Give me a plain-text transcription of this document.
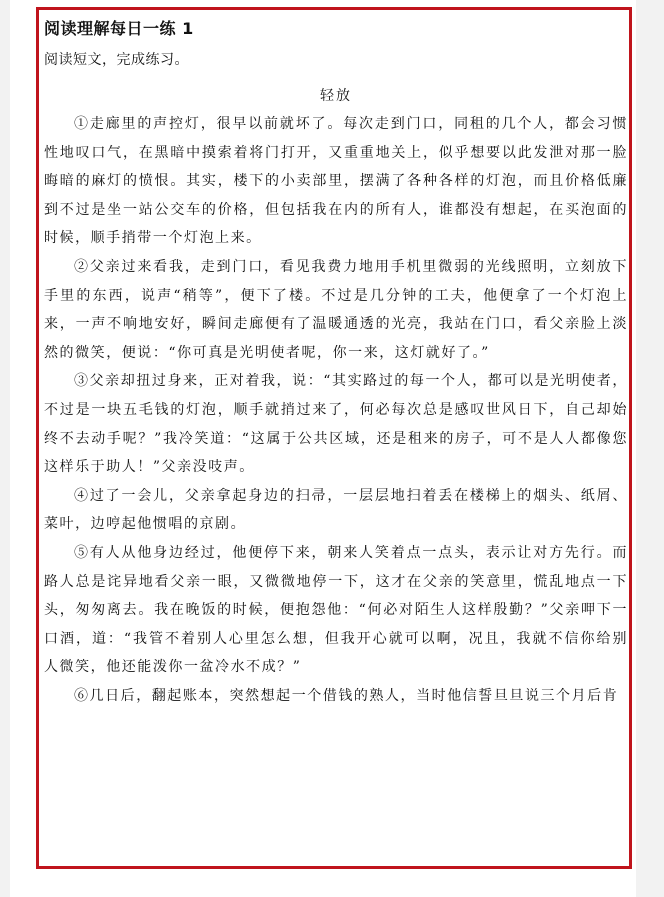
阅读理解每日一练 1
阅读短文，完成练习。
轻放

①走廊里的声控灯，很早以前就坏了。每次走到门口，同租的几个人，都会习惯性地叹口气，在黑暗中摸索着将门打开，又重重地关上，似乎想要以此发泄对那一脸晦暗的麻灯的愤恨。其实，楼下的小卖部里，摆满了各种各样的灯泡，而且价格低廉到不过是坐一站公交车的价格，但包括我在内的所有人，谁都没有想起，在买泡面的时候，顺手捎带一个灯泡上来。

②父亲过来看我，走到门口，看见我费力地用手机里微弱的光线照明，立刻放下手里的东西，说声“稍等”，便下了楼。不过是几分钟的工夫，他便拿了一个灯泡上来，一声不响地安好，瞬间走廊便有了温暖通透的光亮，我站在门口，看父亲脸上淡然的微笑，便说：“你可真是光明使者呢，你一来，这灯就好了。”

③父亲却扭过身来，正对着我，说：“其实路过的每一个人，都可以是光明使者，不过是一块五毛钱的灯泡，顺手就捎过来了，何必每次总是感叹世风日下，自己却始终不去动手呢？”我冷笑道：“这属于公共区域，还是租来的房子，可不是人人都像您这样乐于助人！”父亲没吱声。

④过了一会儿，父亲拿起身边的扫帚，一层层地扫着丢在楼梯上的烟头、纸屑、菜叶，边哼起他惯唱的京剧。

⑤有人从他身边经过，他便停下来，朝来人笑着点一点头，表示让对方先行。而路人总是诧异地看父亲一眼，又微微地停一下，这才在父亲的笑意里，慌乱地点一下头，匆匆离去。我在晚饭的时候，便抱怨他：“何必对陌生人这样殷勤？”父亲呷下一口酒，道：“我管不着别人心里怎么想，但我开心就可以啊，况且，我就不信你给别人微笑，他还能泼你一盆冷水不成？”

⑥几日后，翻起账本，突然想起一个借钱的熟人，当时他信誓旦旦说三个月后肯
